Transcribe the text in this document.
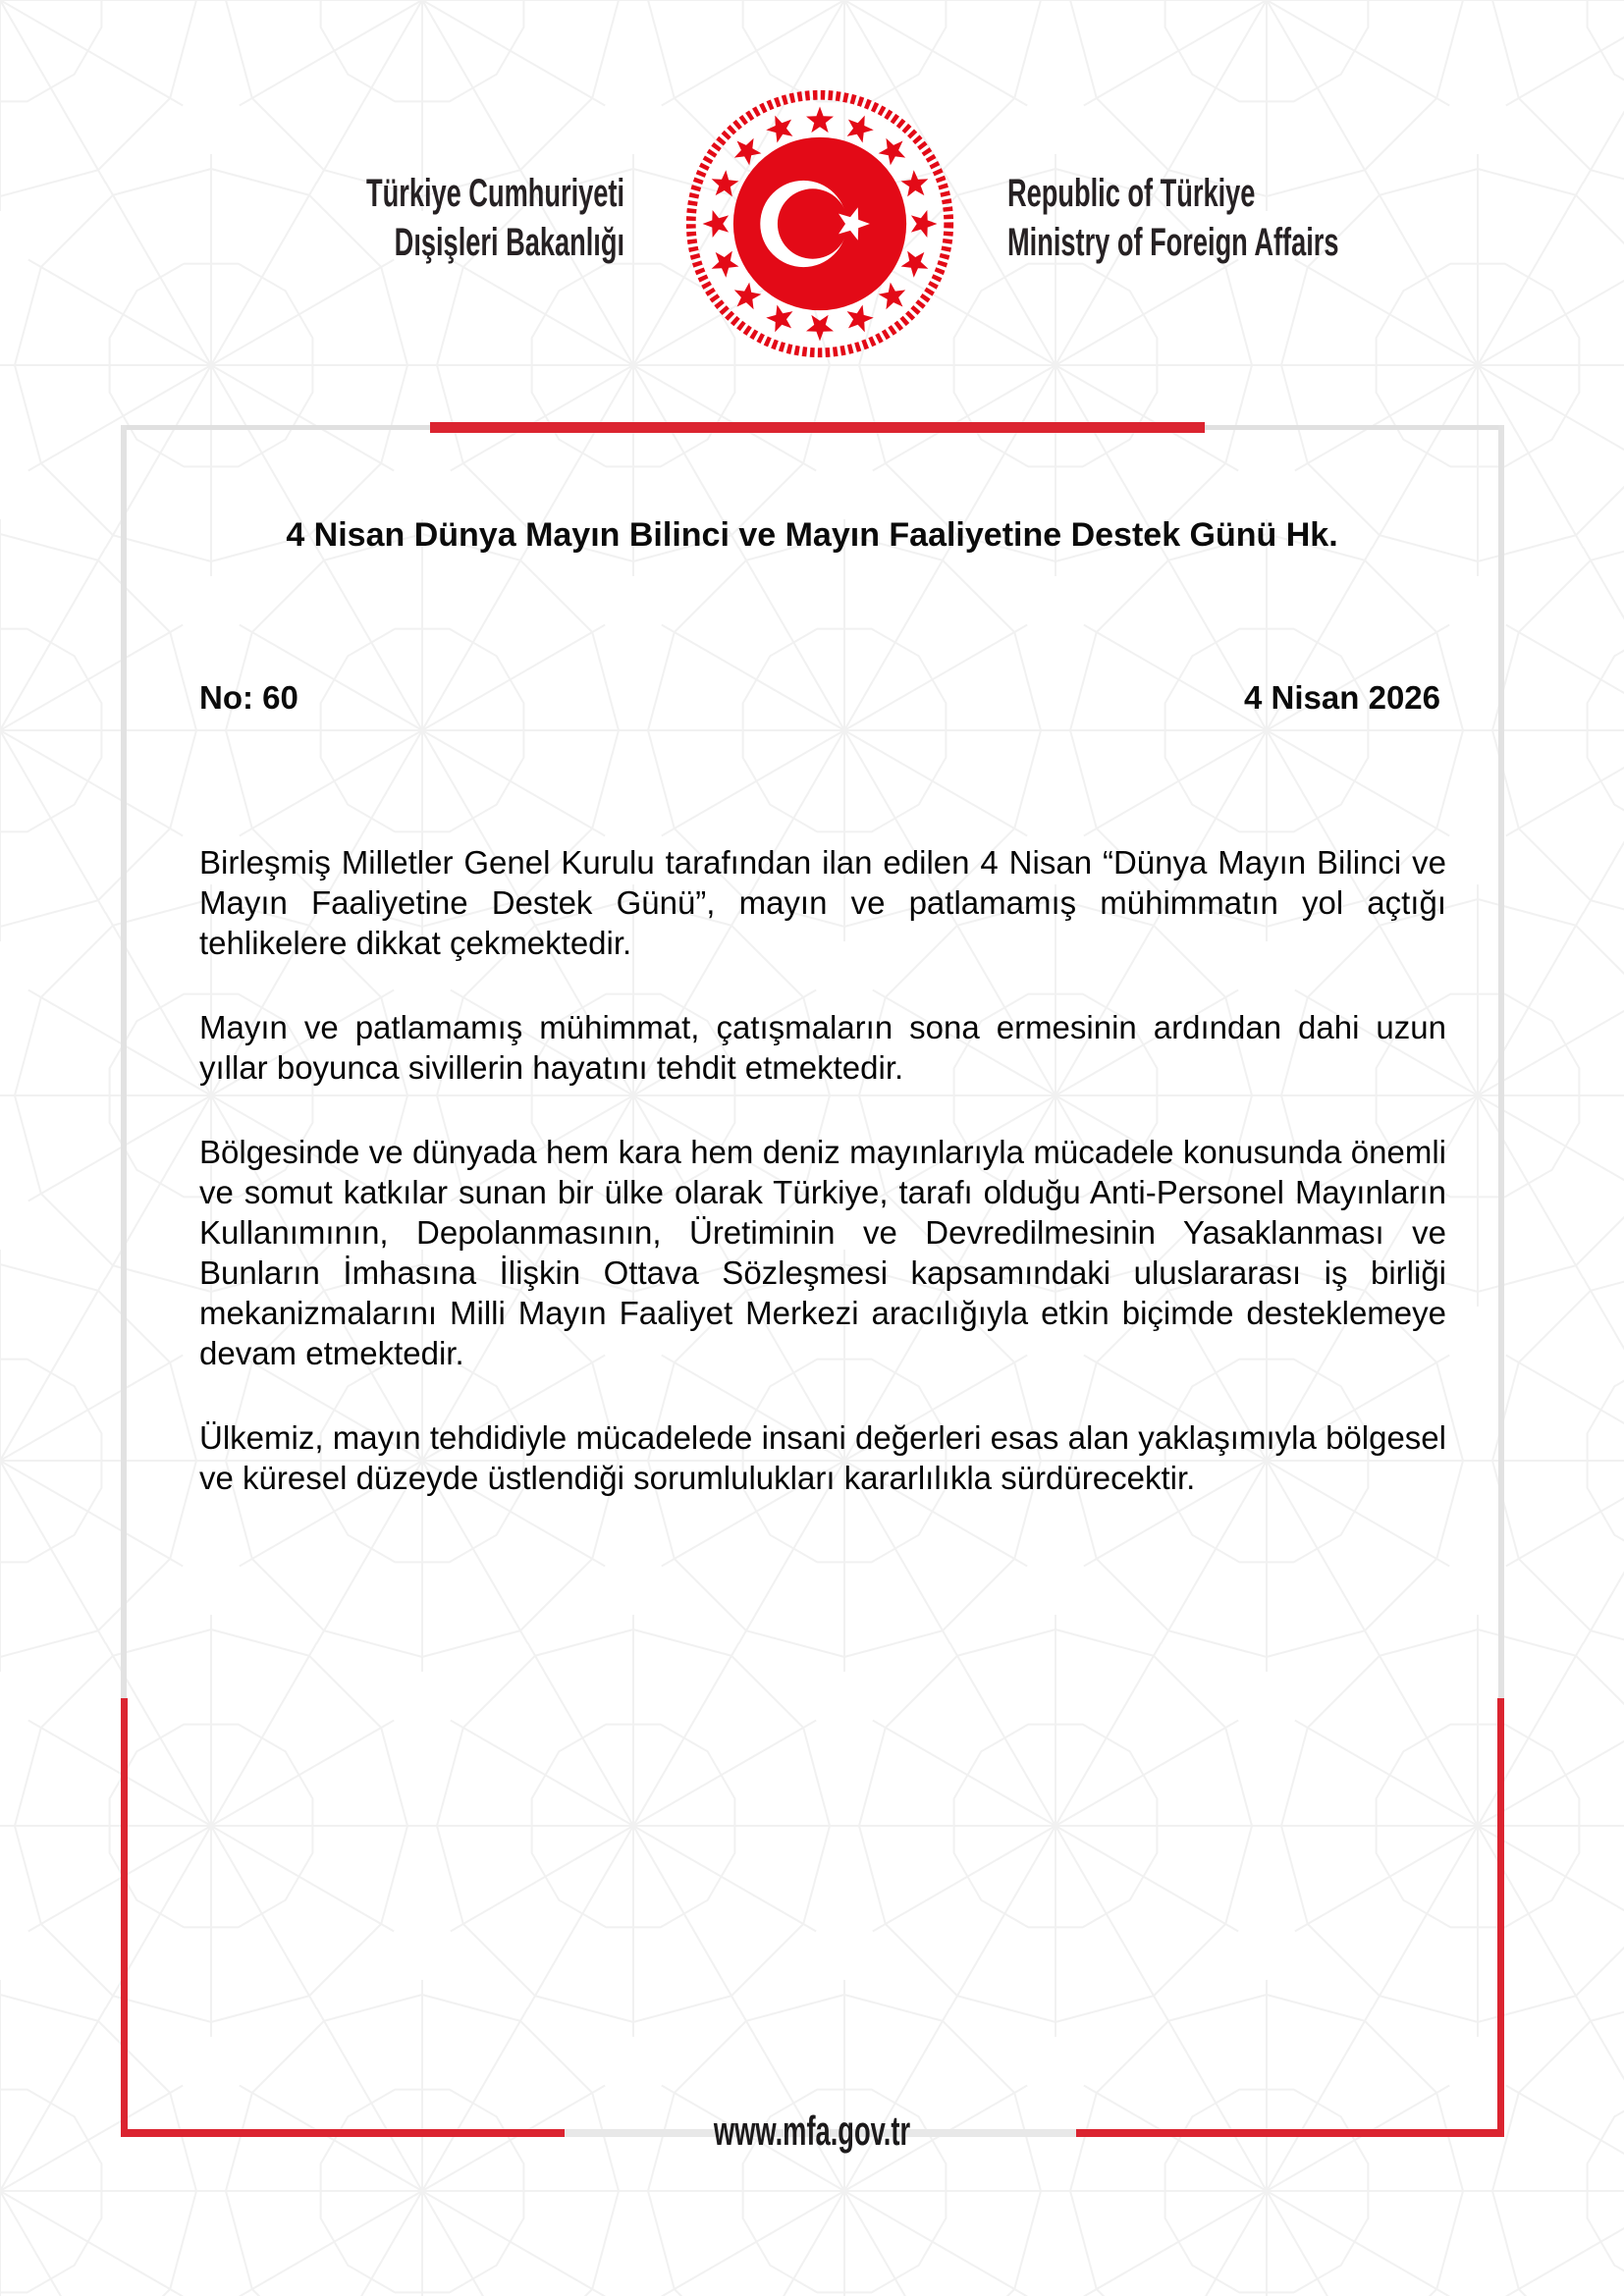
Türkiye Cumhuriyeti
Dışişleri Bakanlığı
Republic of Türkiye
Ministry of Foreign Affairs
4 Nisan Dünya Mayın Bilinci ve Mayın Faaliyetine Destek Günü Hk.
No: 60	4 Nisan 2026

Birleşmiş Milletler Genel Kurulu tarafından ilan edilen 4 Nisan “Dünya Mayın Bilinci ve Mayın Faaliyetine Destek Günü”, mayın ve patlamamış mühimmatın yol açtığı tehlikelere dikkat çekmektedir.

Mayın ve patlamamış mühimmat, çatışmaların sona ermesinin ardından dahi uzun yıllar boyunca sivillerin hayatını tehdit etmektedir.

Bölgesinde ve dünyada hem kara hem deniz mayınlarıyla mücadele konusunda önemli ve somut katkılar sunan bir ülke olarak Türkiye, tarafı olduğu Anti-Personel Mayınların Kullanımının, Depolanmasının, Üretiminin ve Devredilmesinin Yasaklanması ve Bunların İmhasına İlişkin Ottava Sözleşmesi kapsamındaki uluslararası iş birliği mekanizmalarını Milli Mayın Faaliyet Merkezi aracılığıyla etkin biçimde desteklemeye devam etmektedir.

Ülkemiz, mayın tehdidiyle mücadelede insani değerleri esas alan yaklaşımıyla bölgesel ve küresel düzeyde üstlendiği sorumlulukları kararlılıkla sürdürecektir.

www.mfa.gov.tr
